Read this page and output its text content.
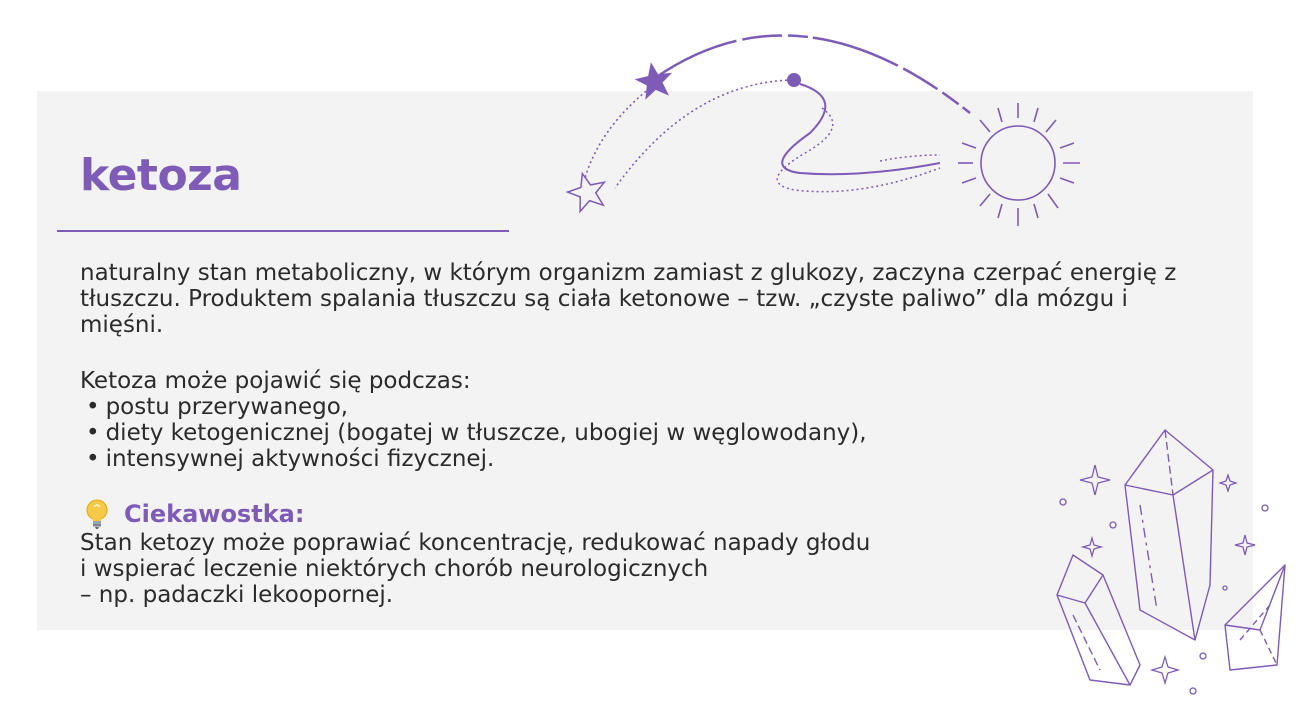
ketoza

naturalny stan metaboliczny, w którym organizm zamiast z glukozy, zaczyna czerpać energię z tłuszczu. Produktem spalania tłuszczu są ciała ketonowe – tzw. „czyste paliwo” dla mózgu i mięśni.

Ketoza może pojawić się podczas:

• postu przerywanego,
• diety ketogenicznej (bogatej w tłuszcze, ubogiej w węglowodany),
• intensywnej aktywności fizycznej.
Ciekawostka:

Stan ketozy może poprawiać koncentrację, redukować napady głodu
i wspierać leczenie niektórych chorób neurologicznych
– np. padaczki lekoopornej.
